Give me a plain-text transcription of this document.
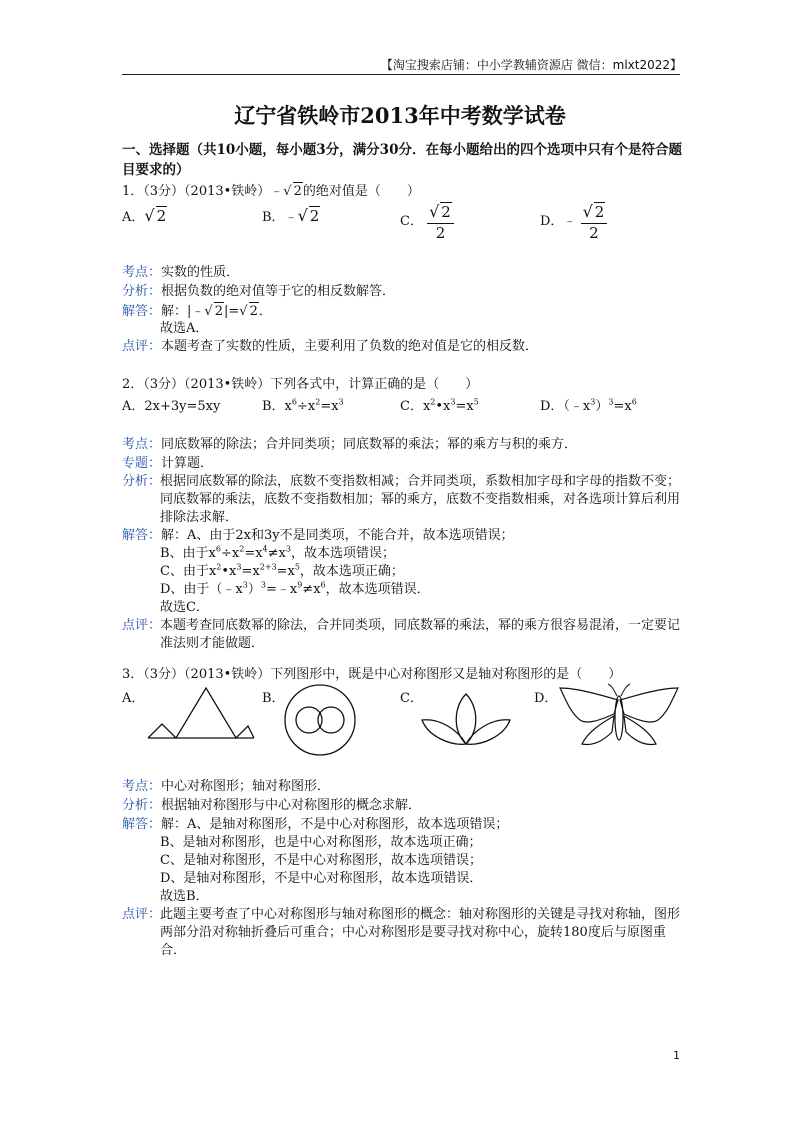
【淘宝搜索店铺：中小学教辅资源店 微信：mlxt2022】
辽宁省铁岭市2013年中考数学试卷
一、选择题（共10小题，每小题3分，满分30分．在每小题给出的四个选项中只有个是符合题目要求的）
1．（3分）（2013•铁岭）﹣√ 2的绝对值是（　　）
A．√ 2	B．﹣√ 2	C． $\frac{√ 2}{2}$	D．﹣ $\frac{√ 2}{2}$
考点：实数的性质．
分析：根据负数的绝对值等于它的相反数解答．
解答：解：|﹣√ 2|=√ 2．
故选A．
点评：本题考查了实数的性质，主要利用了负数的绝对值是它的相反数．
2．（3分）（2013•铁岭）下列各式中，计算正确的是（　　）
A．2x+3y=5xy	B．$x^6\div x^2=x^3$	C．$x^2•x^3=x^5$	D．$(﹣x^3)^3=x^6$
考点：同底数幂的除法；合并同类项；同底数幂的乘法；幂的乘方与积的乘方．
专题：计算题．
分析：
根据同底数幂的除法，底数不变指数相减；合并同类项，系数相加字母和字母的指数不变；同底数幂的乘法，底数不变指数相加；幂的乘方，底数不变指数相乘，对各选项计算后利用排除法求解．
解答：解：A、由于2x和3y不是同类项，不能合并，故本选项错误；
B、由于$x^6\div x^2=x^4\ne x^3$，故本选项错误；
C、由于$x^2•x^3=x^{2+3}=x^5$，故本选项正确；
D、由于$(﹣x^3)^3=﹣x^9\ne x^6$，故本选项错误．
故选C．
点评：
本题考查同底数幂的除法，合并同类项，同底数幂的乘法，幂的乘方很容易混淆，一定要记准法则才能做题．
3．（3分）（2013•铁岭）下列图形中，既是中心对称图形又是轴对称图形的是（　　）
A．	B．	C．	D．
考点：中心对称图形；轴对称图形．
分析：根据轴对称图形与中心对称图形的概念求解．
解答：解：A、是轴对称图形，不是中心对称图形，故本选项错误；
B、是轴对称图形，也是中心对称图形，故本选项正确；
C、是轴对称图形，不是中心对称图形，故本选项错误；
D、是轴对称图形，不是中心对称图形，故本选项错误．
故选B．
点评：
此题主要考查了中心对称图形与轴对称图形的概念：轴对称图形的关键是寻找对称轴，图形两部分沿对称轴折叠后可重合；中心对称图形是要寻找对称中心，旋转180度后与原图重合．
1
